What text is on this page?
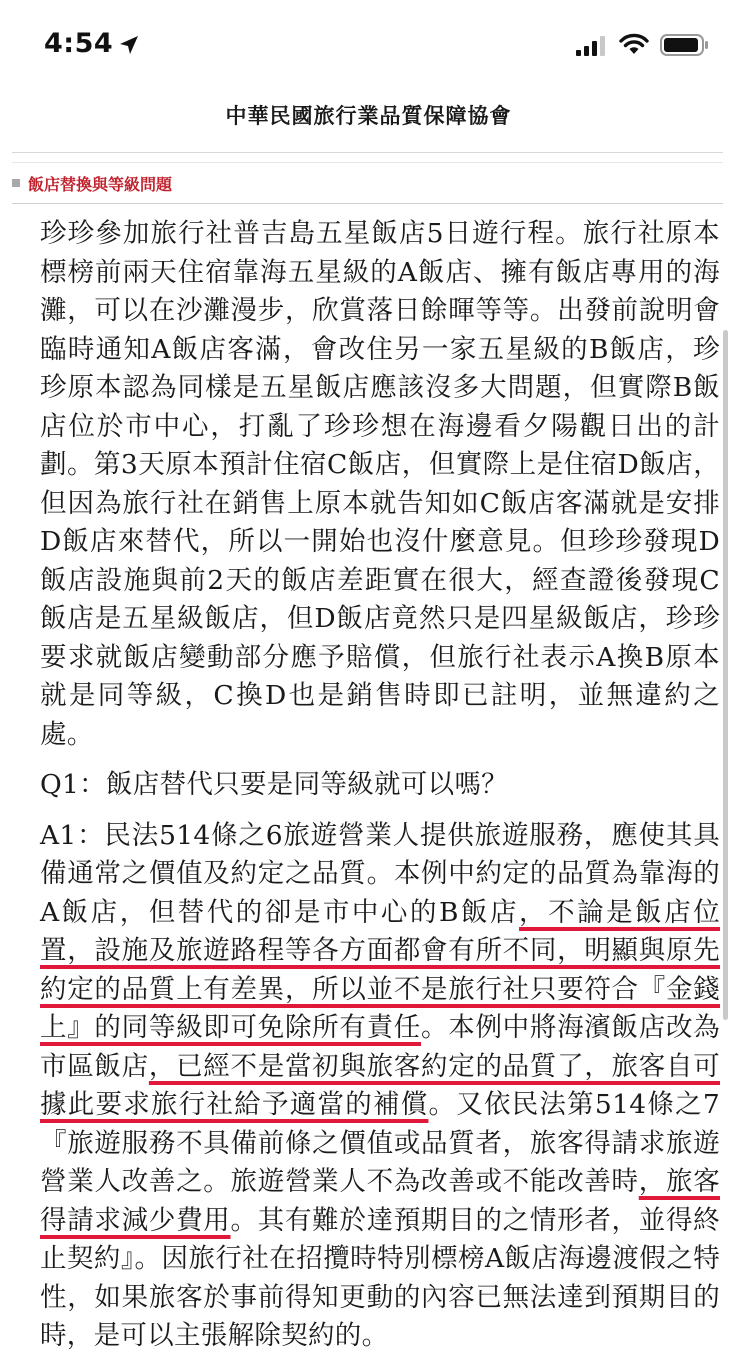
4:54
中華民國旅行業品質保障協會
飯店替換與等級問題

珍珍參加旅行社普吉島五星飯店5日遊行程。旅行社原本標榜前兩天住宿靠海五星級的A飯店、擁有飯店專用的海灘，可以在沙灘漫步，欣賞落日餘暉等等。出發前說明會臨時通知A飯店客滿，會改住另一家五星級的B飯店，珍珍原本認為同樣是五星飯店應該沒多大問題，但實際B飯店位於市中心，打亂了珍珍想在海邊看夕陽觀日出的計劃。第3天原本預計住宿C飯店，但實際上是住宿D飯店，但因為旅行社在銷售上原本就告知如C飯店客滿就是安排D飯店來替代，所以一開始也沒什麼意見。但珍珍發現D飯店設施與前2天的飯店差距實在很大，經查證後發現C飯店是五星級飯店，但D飯店竟然只是四星級飯店，珍珍要求就飯店變動部分應予賠償，但旅行社表示A換B原本就是同等級，C換D也是銷售時即已註明，並無違約之處。

Q1：飯店替代只要是同等級就可以嗎？

A1：民法514條之6旅遊營業人提供旅遊服務，應使其具備通常之價值及約定之品質。本例中約定的品質為靠海的A飯店，但替代的卻是市中心的B飯店，不論是飯店位置，設施及旅遊路程等各方面都會有所不同，明顯與原先約定的品質上有差異，所以並不是旅行社只要符合『金錢上』的同等級即可免除所有責任。本例中將海濱飯店改為市區飯店，已經不是當初與旅客約定的品質了，旅客自可據此要求旅行社給予適當的補償。又依民法第514條之7『旅遊服務不具備前條之價值或品質者，旅客得請求旅遊營業人改善之。旅遊營業人不為改善或不能改善時，旅客得請求減少費用。其有難於達預期目的之情形者，並得終止契約』。因旅行社在招攬時特別標榜A飯店海邊渡假之特性，如果旅客於事前得知更動的內容已無法達到預期目的時，是可以主張解除契約的。
